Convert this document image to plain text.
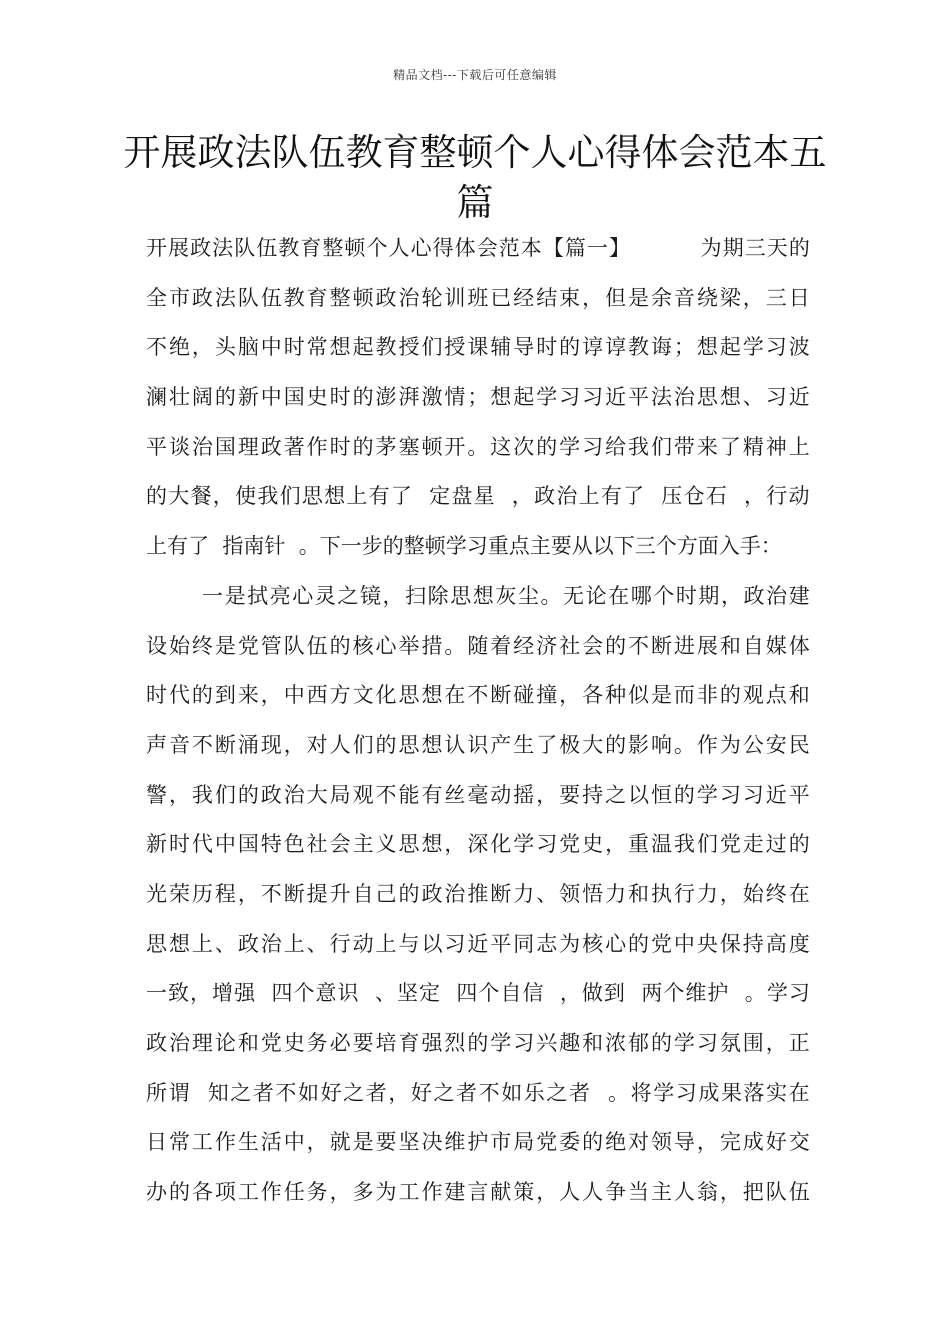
精品文档---下载后可任意编辑
开展政法队伍教育整顿个人心得体会范本五篇
开 展 政 法 队 伍 教 育 整 顿 个 人 心 得 体 会 范 本 【 篇 一 】

	为 期 三 天 的
全 市 政 法 队 伍 教 育 整 顿 政 治 轮 训 班 已 经 结 束 ， 但 是 余 音 绕 梁 ， 三 日
不 绝 ， 头 脑 中 时 常 想 起 教 授 们 授 课 辅 导 时 的 谆 谆 教 诲 ； 想 起 学 习 波
澜 壮 阔 的 新 中 国 史 时 的 澎 湃 激 情 ； 想 起 学 习 习 近 平 法 治 思 想 、 习 近
平 谈 治 国 理 政 著 作 时 的 茅 塞 顿 开 。 这 次 的 学 习 给 我 们 带 来 了 精 神 上
的 大 餐 ， 使 我 们 思 想 上 有 了

定 盘 星

， 政 治 上 有 了

压 仓 石

， 行 动
上有了  指南针  。下一步的整顿学习重点主要从以下三个方面入手：
一 是 拭 亮 心 灵 之 镜 ， 扫 除 思 想 灰 尘 。 无 论 在 哪 个 时 期 ， 政 治 建
设 始 终 是 党 管 队 伍 的 核 心 举 措 。 随 着 经 济 社 会 的 不 断 进 展 和 自 媒 体
时 代 的 到 来 ， 中 西 方 文 化 思 想 在 不 断 碰 撞 ， 各 种 似 是 而 非 的 观 点 和
声 音 不 断 涌 现 ， 对 人 们 的 思 想 认 识 产 生 了 极 大 的 影 响 。 作 为 公 安 民
警 ， 我 们 的 政 治 大 局 观 不 能 有 丝 毫 动 摇 ， 要 持 之 以 恒 的 学 习 习 近 平
新 时 代 中 国 特 色 社 会 主 义 思 想 ， 深 化 学 习 党 史 ， 重 温 我 们 党 走 过 的
光 荣 历 程 ， 不 断 提 升 自 己 的 政 治 推 断 力 、 领 悟 力 和 执 行 力 ， 始 终 在
思 想 上 、 政 治 上 、 行 动 上 与 以 习 近 平 同 志 为 核 心 的 党 中 央 保 持 高 度
一 致 ， 增 强

四 个 意 识

、 坚 定

四 个 自 信

， 做 到

两 个 维 护

。 学 习
政 治 理 论 和 党 史 务 必 要 培 育 强 烈 的 学 习 兴 趣 和 浓 郁 的 学 习 氛 围 ， 正
所 谓

知 之 者 不 如 好 之 者 ， 好 之 者 不 如 乐 之 者

。 将 学 习 成 果 落 实 在
日 常 工 作 生 活 中 ， 就 是 要 坚 决 维 护 市 局 党 委 的 绝 对 领 导 ， 完 成 好 交
办 的 各 项 工 作 任 务 ， 多 为 工 作 建 言 献 策 ， 人 人 争 当 主 人 翁 ， 把 队 伍
